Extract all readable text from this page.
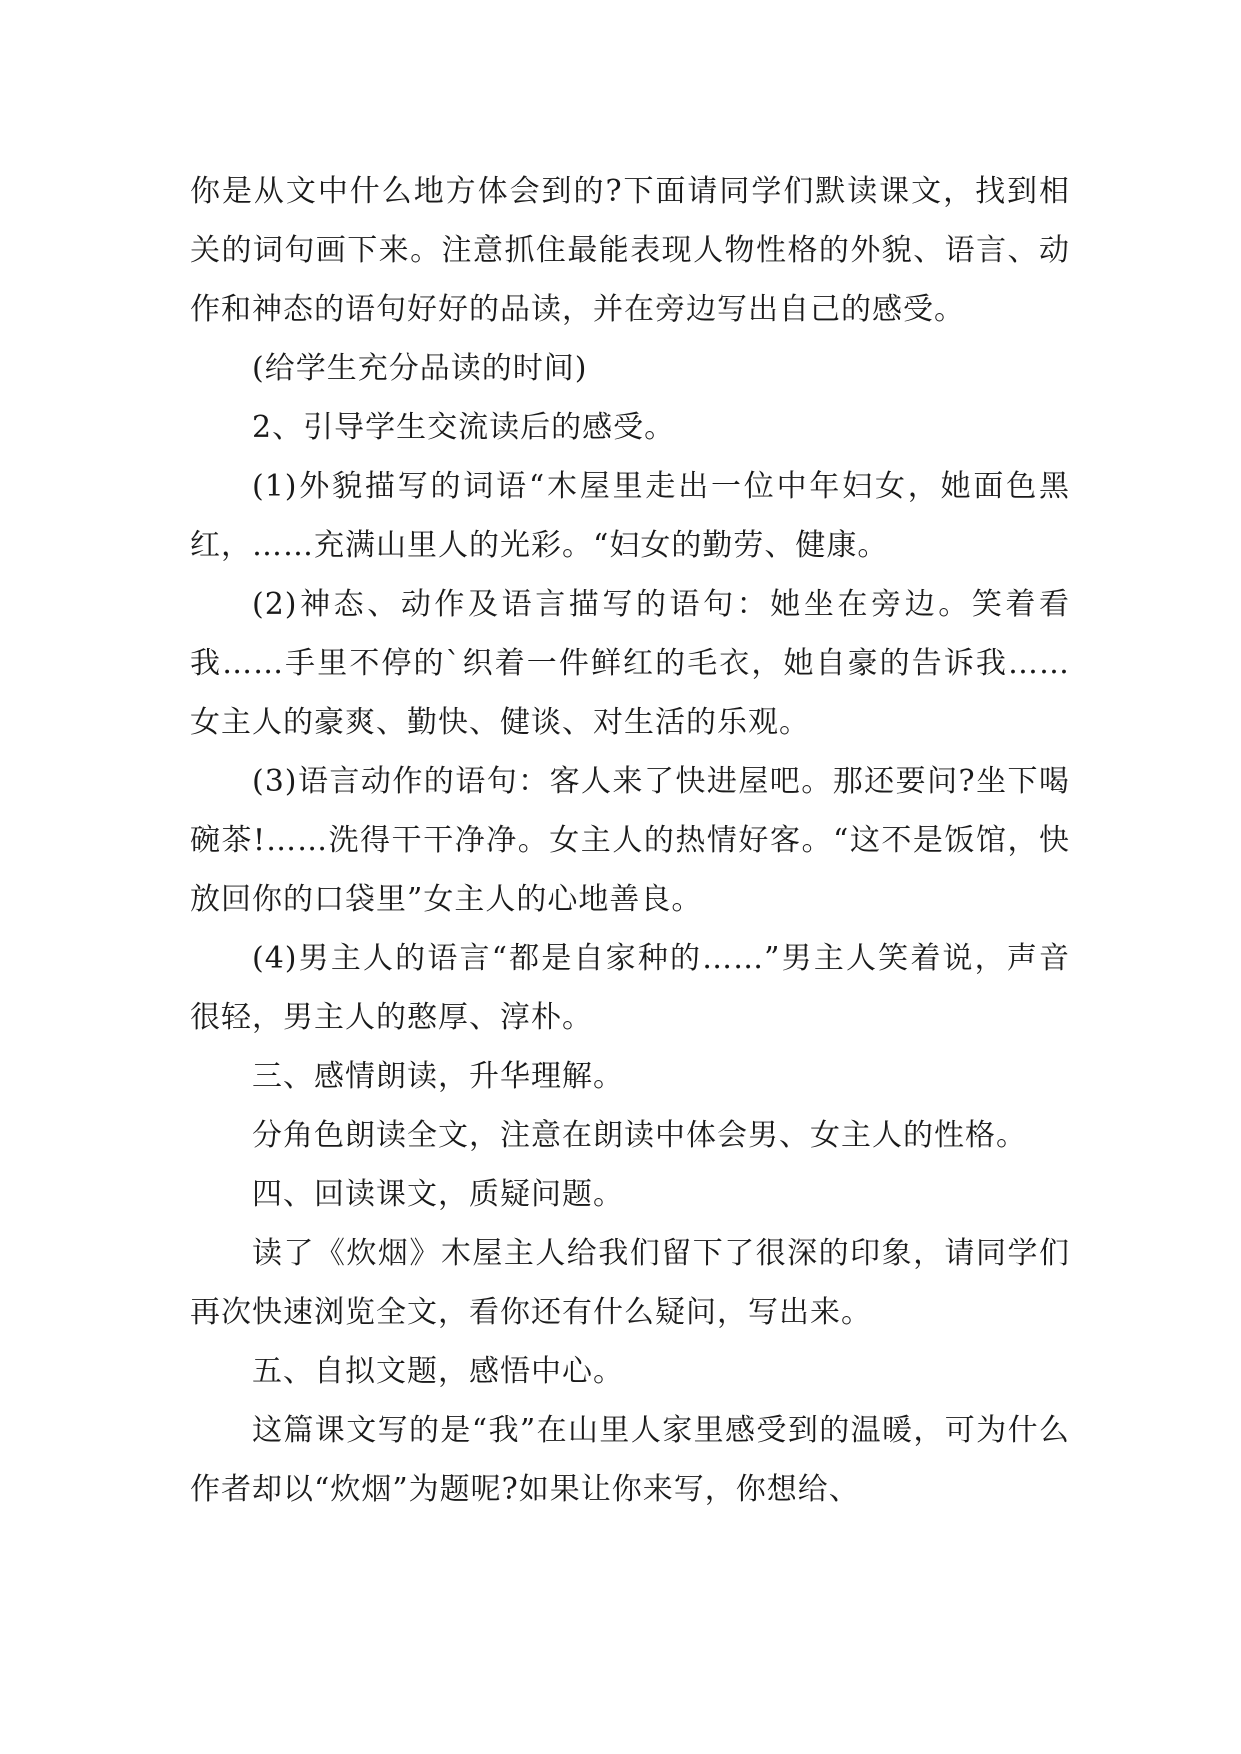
你是从文中什么地方体会到的?下面请同学们默读课文，找到相关的词句画下来。注意抓住最能表现人物性格的外貌、语言、动作和神态的语句好好的品读，并在旁边写出自己的感受。

(给学生充分品读的时间)

2、引导学生交流读后的感受。

(1)外貌描写的词语“木屋里走出一位中年妇女，她面色黑红，……充满山里人的光彩。“妇女的勤劳、健康。

(2)神态、动作及语言描写的语句：她坐在旁边。笑着看我……手里不停的`织着一件鲜红的毛衣，她自豪的告诉我……女主人的豪爽、勤快、健谈、对生活的乐观。

(3)语言动作的语句：客人来了快进屋吧。那还要问?坐下喝碗茶!……洗得干干净净。女主人的热情好客。“这不是饭馆，快放回你的口袋里”女主人的心地善良。

(4)男主人的语言“都是自家种的……”男主人笑着说，声音很轻，男主人的憨厚、淳朴。

三、感情朗读，升华理解。

分角色朗读全文，注意在朗读中体会男、女主人的性格。

四、回读课文，质疑问题。

读了《炊烟》木屋主人给我们留下了很深的印象，请同学们再次快速浏览全文，看你还有什么疑问，写出来。

五、自拟文题，感悟中心。

这篇课文写的是“我”在山里人家里感受到的温暖，可为什么作者却以“炊烟”为题呢?如果让你来写，你想给、
